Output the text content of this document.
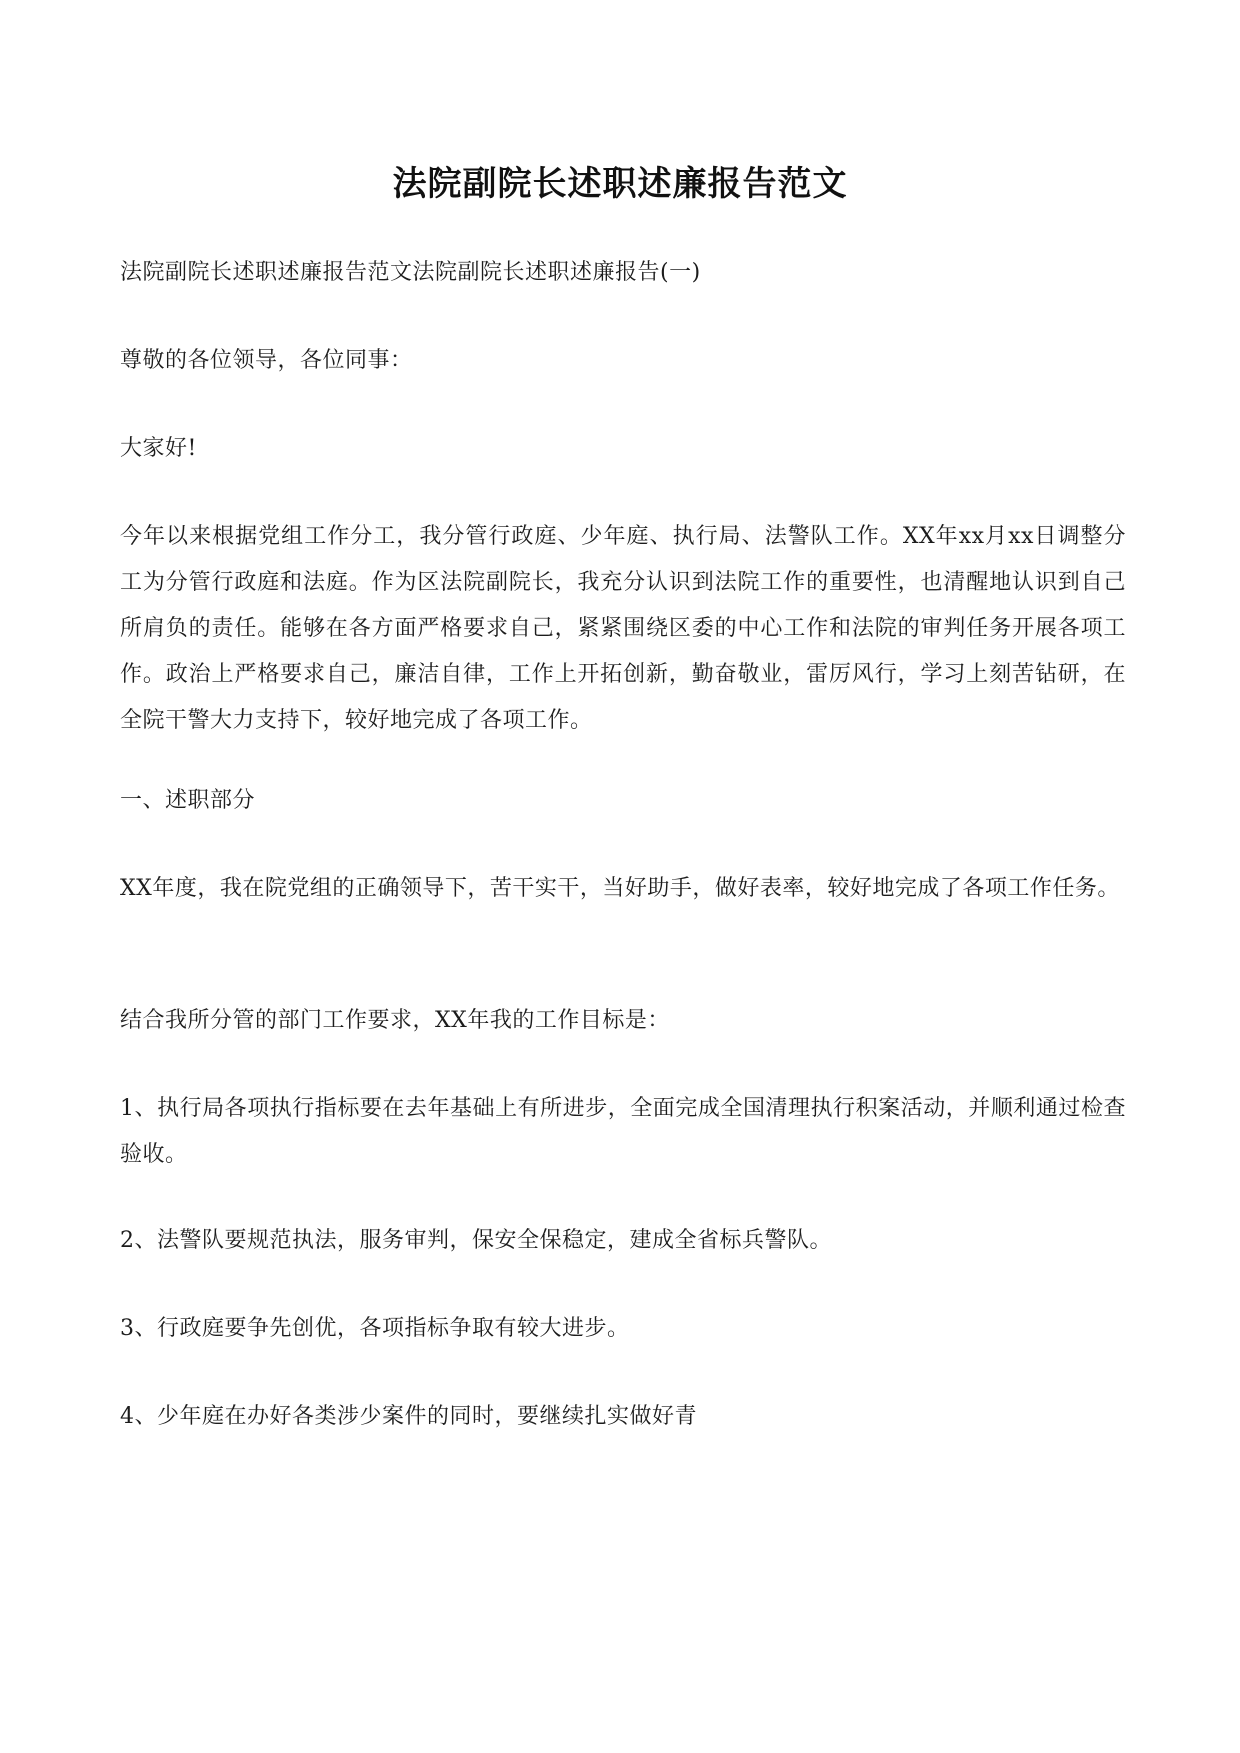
法院副院长述职述廉报告范文

法院副院长述职述廉报告范文法院副院长述职述廉报告(一)

尊敬的各位领导，各位同事：

大家好!

今年以来根据党组工作分工，我分管行政庭、少年庭、执行局、法警队工作。XX年xx月xx日调整分工为分管行政庭和法庭。作为区法院副院长，我充分认识到法院工作的重要性，也清醒地认识到自己所肩负的责任。能够在各方面严格要求自己，紧紧围绕区委的中心工作和法院的审判任务开展各项工作。政治上严格要求自己，廉洁自律，工作上开拓创新，勤奋敬业，雷厉风行，学习上刻苦钻研，在全院干警大力支持下，较好地完成了各项工作。

一、述职部分

XX年度，我在院党组的正确领导下，苦干实干，当好助手，做好表率，较好地完成了各项工作任务。

结合我所分管的部门工作要求，XX年我的工作目标是：

1、执行局各项执行指标要在去年基础上有所进步，全面完成全国清理执行积案活动，并顺利通过检查验收。

2、法警队要规范执法，服务审判，保安全保稳定，建成全省标兵警队。

3、行政庭要争先创优，各项指标争取有较大进步。

4、少年庭在办好各类涉少案件的同时，要继续扎实做好青
